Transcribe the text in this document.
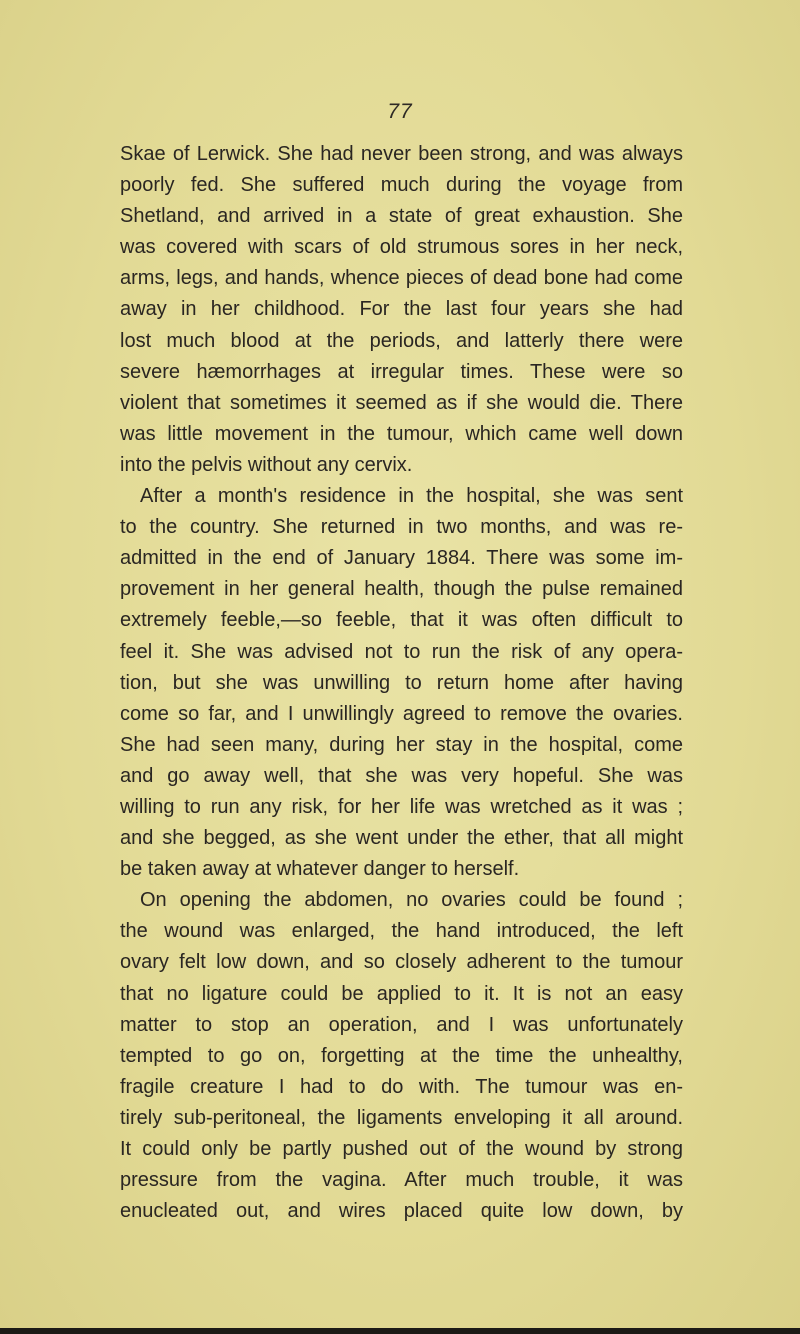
77
Skae of Lerwick. She had never been strong, and was always
poorly fed. She suffered much during the voyage from
Shetland, and arrived in a state of great exhaustion. She
was covered with scars of old strumous sores in her neck,
arms, legs, and hands, whence pieces of dead bone had come
away in her childhood. For the last four years she had
lost much blood at the periods, and latterly there were
severe hæmorrhages at irregular times. These were so
violent that sometimes it seemed as if she would die. There
was little movement in the tumour, which came well down
into the pelvis without any cervix.
After a month's residence in the hospital, she was sent
to the country. She returned in two months, and was re-
admitted in the end of January 1884. There was some im-
provement in her general health, though the pulse remained
extremely feeble,—so feeble, that it was often difficult to
feel it. She was advised not to run the risk of any opera-
tion, but she was unwilling to return home after having
come so far, and I unwillingly agreed to remove the ovaries.
She had seen many, during her stay in the hospital, come
and go away well, that she was very hopeful. She was
willing to run any risk, for her life was wretched as it was ;
and she begged, as she went under the ether, that all might
be taken away at whatever danger to herself.
On opening the abdomen, no ovaries could be found ;
the wound was enlarged, the hand introduced, the left
ovary felt low down, and so closely adherent to the tumour
that no ligature could be applied to it. It is not an easy
matter to stop an operation, and I was unfortunately
tempted to go on, forgetting at the time the unhealthy,
fragile creature I had to do with. The tumour was en-
tirely sub-peritoneal, the ligaments enveloping it all around.
It could only be partly pushed out of the wound by strong
pressure from the vagina. After much trouble, it was
enucleated out, and wires placed quite low down, by
